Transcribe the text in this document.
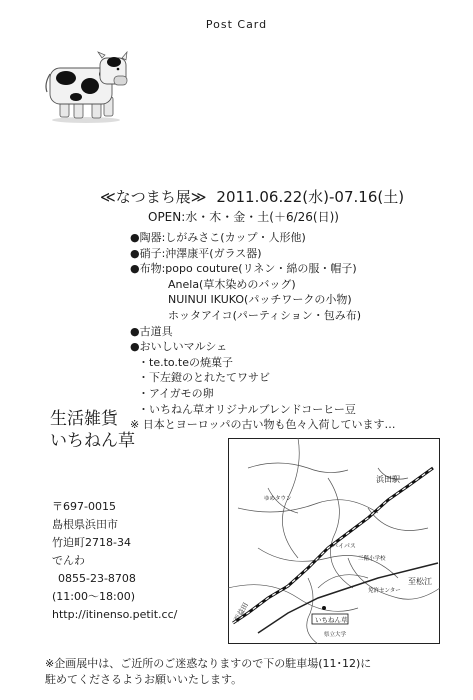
Post Card
≪なつまち展≫ 2011.06.22(水)-07.16(土)
OPEN:水・木・金・土(＋6/26(日))
●陶器:しがみさこ(カップ・人形他)
●硝子:沖澤康平(ガラス器)
●布物:popo couture(リネン・綿の服・帽子)
Anela(草木染めのバッグ)
NUINUI IKUKO(パッチワークの小物)
ホッタアイコ(パーティション・包み布)
●古道具
●おいしいマルシェ
・te.to.teの焼菓子
・下左鐙のとれたてワサビ
・アイガモの卵
・いちねん草オリジナルブレンドコーヒー豆
※ 日本とヨーロッパの古い物も色々入荷しています…
生活雑貨
いちねん草
〒697-0015
島根県浜田市
竹迫町2718-34
でんわ
0855-23-8708
(11:00〜18:00)
http://itinenso.petit.cc/
浜田駅
至松江
至益田
バイパス
三階小学校
免許センター
ゆめタウン
県立大学
いちねん草
※企画展中は、ご近所のご迷惑なりますので下の駐車場(11･12)に
駐めてくださるようお願いいたします。
